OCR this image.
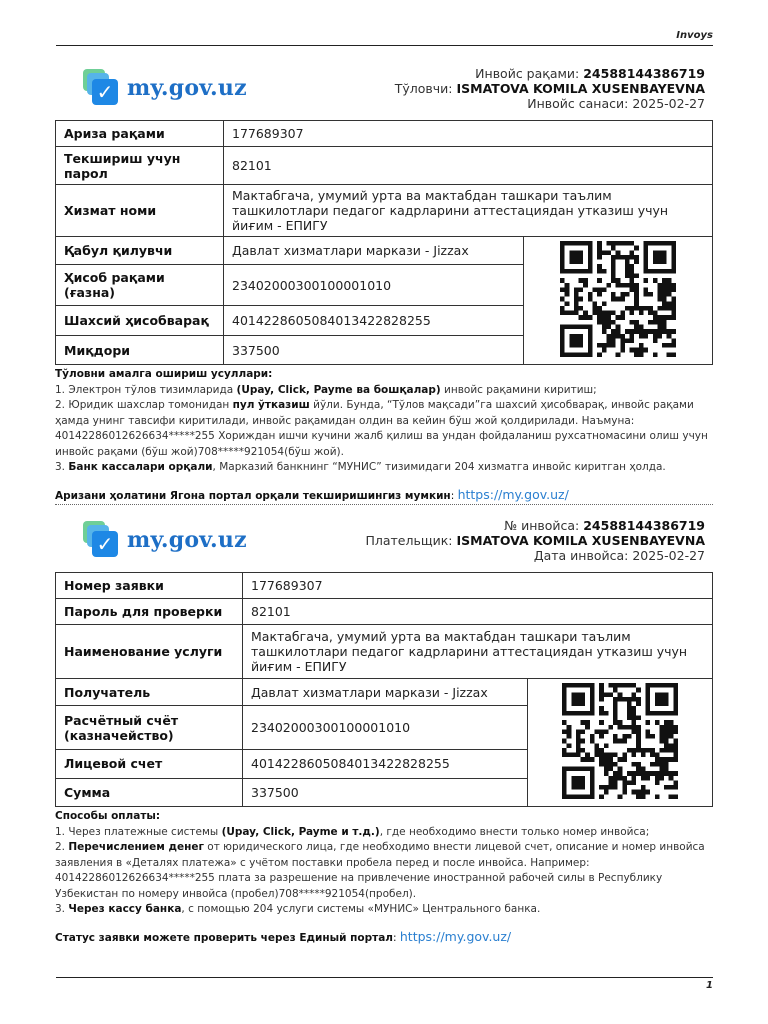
Invoys
✓ my.gov.uz
Инвойс рақами: 24588144386719
Тўловчи: ISMATOVA KOMILA XUSENBAYEVNA
Инвойс санаси: 2025-02-27
Ариза рақами	177689307	
Текшириш учун парол	82101	
Хизмат номи	Мактабгача, умумий урта ва мактабдан ташкари таълим ташкилотлари педагог кадрларини аттестациядан утказиш учун йиғим - ЕПИГУ	
Қабул қилувчи	Давлат хизматлари маркази - Jizzax	
Ҳисоб рақами (ғазна)	23402000300100001010	
Шахсий ҳисобварақ	401422860508401342282825​5	
Миқдори	337500	
Тўловни амалга ошириш усуллари:
1. Электрон тўлов тизимларида (Upay, Click, Payme ва бошқалар) инвойс рақамини киритиш;
2. Юридик шахслар томонидан пул ўтказиш йўли. Бунда, “Тўлов мақсади”га шахсий ҳисобварақ, инвойс рақами ҳамда унинг тавсифи киритилади, инвойс рақамидан олдин ва кейин бўш жой қолдирилади. Наъмуна: 40142286012626634*****255 Хориждан ишчи кучини жалб қилиш ва ундан фойдаланиш рухсатномасини олиш учун инвойс рақами (бўш жой)708*****921054(бўш жой).
3. Банк кассалари орқали, Марказий банкнинг “МУНИС” тизимидаги 204 хизматга инвойс киритган ҳолда.
Аризани ҳолатини Ягона портал орқали текширишингиз мумкин: https://my.gov.uz/
✓ my.gov.uz
№ инвойса: 24588144386719
Плательщик: ISMATOVA KOMILA XUSENBAYEVNA
Дата инвойса: 2025-02-27
Номер заявки	177689307	
Пароль для проверки	82101	
Наименование услуги	Мактабгача, умумий урта ва мактабдан ташкари таълим ташкилотлари педагог кадрларини аттестациядан утказиш учун йиғим - ЕПИГУ	
Получатель	Давлат хизматлари маркази - Jizzax	
Расчётный счёт (казначейство)	23402000300100001010	
Лицевой счет	401422860508401342282825​5	
Сумма	337500	
Способы оплаты:
1. Через платежные системы (Upay, Click, Payme и т.д.), где необходимо внести только номер инвойса;
2. Перечислением денег от юридического лица, где необходимо внести лицевой счет, описание и номер инвойса заявления в «Деталях платежа» с учётом поставки пробела перед и после инвойса. Например: 40142286012626634*****255 плата за разрешение на привлечение иностранной рабочей силы в Республику Узбекистан по номеру инвойса (пробел)708*****921054(пробел).
3. Через кассу банка, с помощью 204 услуги системы «МУНИС» Центрального банка.
Статус заявки можете проверить через Единый портал: https://my.gov.uz/
1
